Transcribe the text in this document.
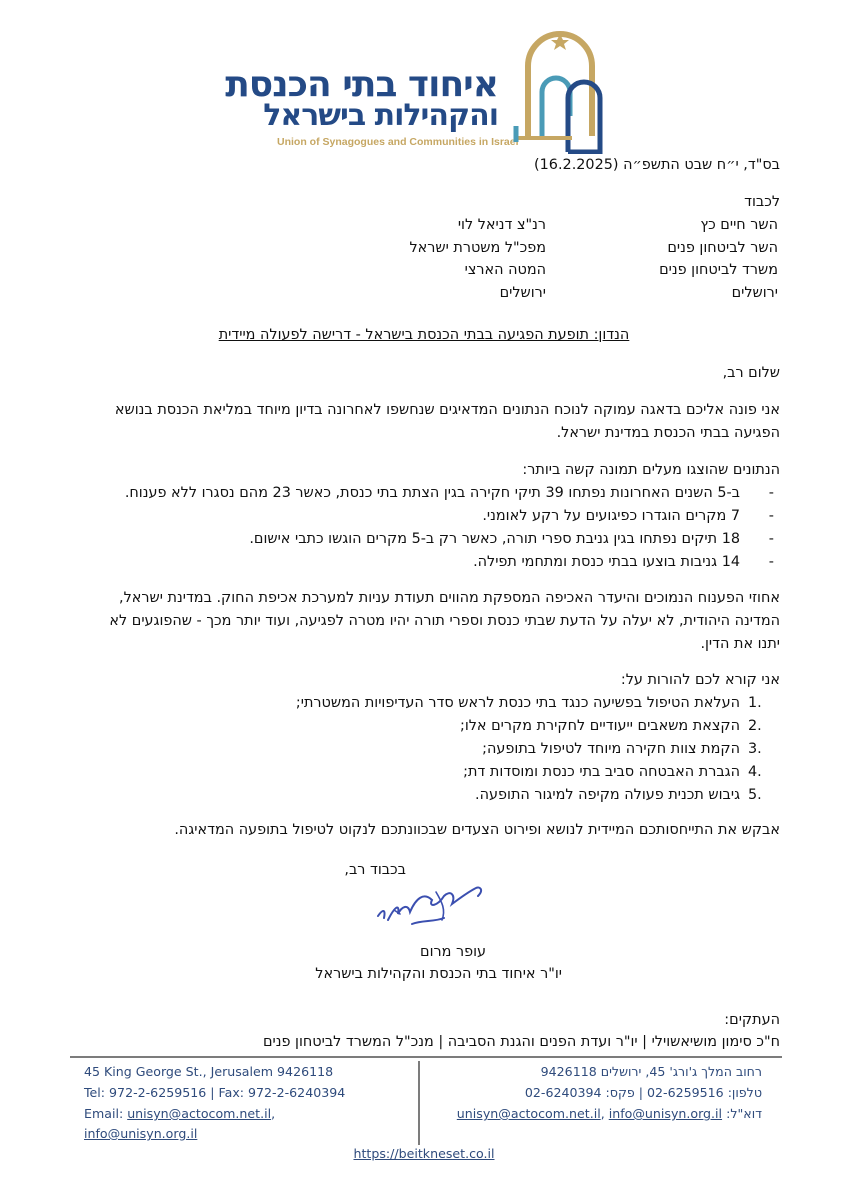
איחוד בתי הכנסת
והקהילות בישראל
Union of Synagogues and Communities in Israel
בס"ד, י״ח שבט התשפ״ה (16.2.2025)
לכבוד
השר חיים כץ
השר לביטחון פנים
משרד לביטחון פנים
ירושלים
רנ"צ דניאל לוי
מפכ"ל משטרת ישראל
המטה הארצי
ירושלים
הנדון: תופעת הפגיעה בבתי הכנסת בישראל - דרישה לפעולה מיידית
שלום רב,
אני פונה אליכם בדאגה עמוקה לנוכח הנתונים המדאיגים שנחשפו לאחרונה בדיון מיוחד במליאת הכנסת בנושא
הפגיעה בבתי הכנסת במדינת ישראל.
הנתונים שהוצגו מעלים תמונה קשה ביותר:
-
ב-5 השנים האחרונות נפתחו 39 תיקי חקירה בגין הצתת בתי כנסת, כאשר 23 מהם נסגרו ללא פענוח.
-
7 מקרים הוגדרו כפיגועים על רקע לאומני.
-
18 תיקים נפתחו בגין גניבת ספרי תורה, כאשר רק ב-5 מקרים הוגשו כתבי אישום.
-
14 גניבות בוצעו בבתי כנסת ומתחמי תפילה.
אחוזי הפענוח הנמוכים והיעדר האכיפה המספקת מהווים תעודת עניות למערכת אכיפת החוק. במדינת ישראל,
המדינה היהודית, לא יעלה על הדעת שבתי כנסת וספרי תורה יהיו מטרה לפגיעה, ועוד יותר מכך - שהפוגעים לא
יתנו את הדין.
אני קורא לכם להורות על:
1.
העלאת הטיפול בפשיעה כנגד בתי כנסת לראש סדר העדיפויות המשטרתי;
2.
הקצאת משאבים ייעודיים לחקירת מקרים אלו;
3.
הקמת צוות חקירה מיוחד לטיפול בתופעה;
4.
הגברת האבטחה סביב בתי כנסת ומוסדות דת;
5.
גיבוש תכנית פעולה מקיפה למיגור התופעה.
אבקש את התייחסותכם המיידית לנושא ופירוט הצעדים שבכוונתכם לנקוט לטיפול בתופעה המדאיגה.
בכבוד רב,
עופר מרום
יו"ר איחוד בתי הכנסת והקהילות בישראל
העתקים:
ח"כ סימון מושיאשוילי | יו"ר ועדת הפנים והגנת הסביבה | מנכ"ל המשרד לביטחון פנים
45 King George St., Jerusalem 9426118
Tel: 972-2-6259516 | Fax: 972-2-6240394
Email: unisyn@actocom.net.il,
info@unisyn.org.il
רחוב המלך ג'ורג' 45, ירושלים 9426118
טלפון: 02-6259516 | פקס: 02-6240394
דוא"ל: unisyn@actocom.net.il, info@unisyn.org.il
https://beitkneset.co.il
